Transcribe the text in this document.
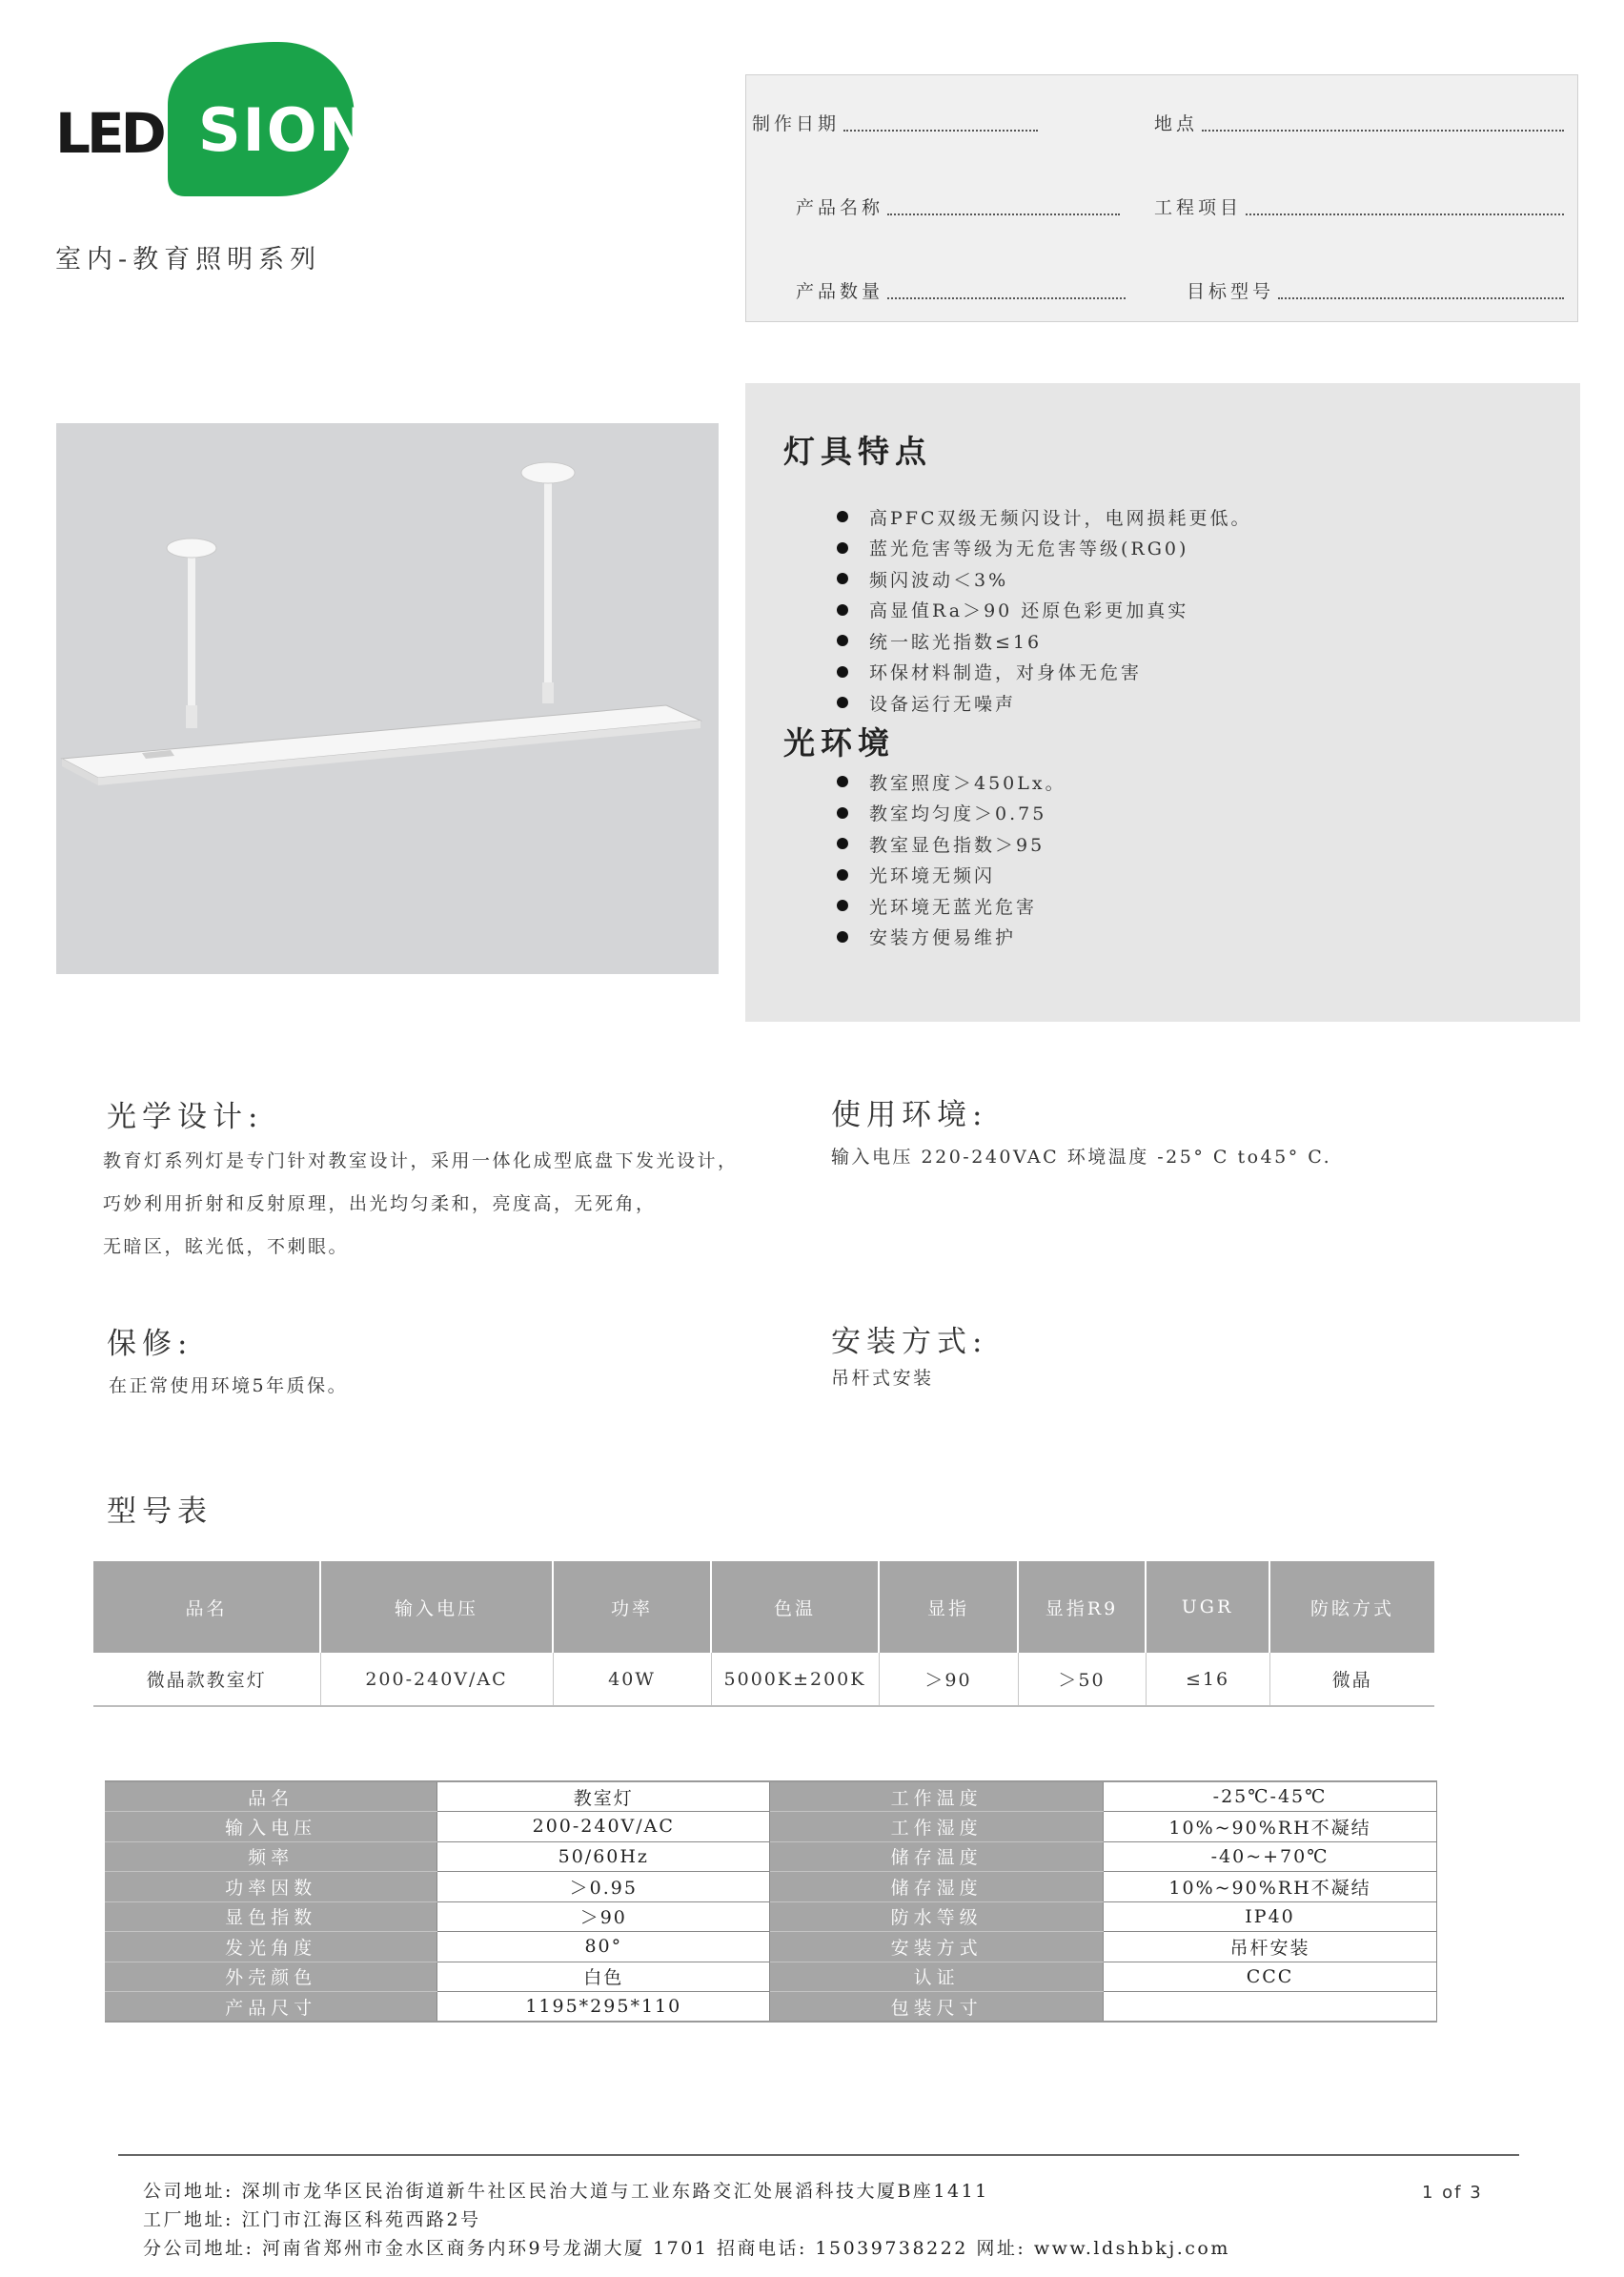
LED SION
室内-教育照明系列
制作日期	地点
产品名称	工程项目
产品数量	目标型号
灯具特点
高PFC双级无频闪设计，电网损耗更低。
蓝光危害等级为无危害等级(RG0)
频闪波动＜3%
高显值Ra＞90 还原色彩更加真实
统一眩光指数≤16
环保材料制造，对身体无危害
设备运行无噪声
光环境
教室照度＞450Lx。
教室均匀度＞0.75
教室显色指数＞95
光环境无频闪
光环境无蓝光危害
安装方便易维护
光学设计:
教育灯系列灯是专门针对教室设计，采用一体化成型底盘下发光设计，
巧妙利用折射和反射原理，出光均匀柔和，亮度高，无死角，
无暗区，眩光低，不刺眼。
使用环境:
输入电压 220-240VAC 环境温度 -25° C to45° C.
保修:
在正常使用环境5年质保。
安装方式:
吊杆式安装
型号表
品名	输入电压	功率	色温	显指	显指R9	UGR	防眩方式
微晶款教室灯	200-240V/AC	40W	5000K±200K	＞90	＞50	≤16	微晶
品名	教室灯	工作温度	-25℃-45℃
输入电压	200-240V/AC	工作湿度	10%~90%RH不凝结
频率	50/60Hz	储存温度	-40~+70℃
功率因数	＞0.95	储存湿度	10%~90%RH不凝结
显色指数	＞90	防水等级	IP40
发光角度	80°	安装方式	吊杆安装
外壳颜色	白色	认证	CCC
产品尺寸	1195*295*110	包装尺寸	
公司地址: 深圳市龙华区民治街道新牛社区民治大道与工业东路交汇处展滔科技大厦B座1411
工厂地址: 江门市江海区科苑西路2号
分公司地址: 河南省郑州市金水区商务内环9号龙湖大厦 1701 招商电话: 15039738222 网址: www.ldshbkj.com
1 of 3
